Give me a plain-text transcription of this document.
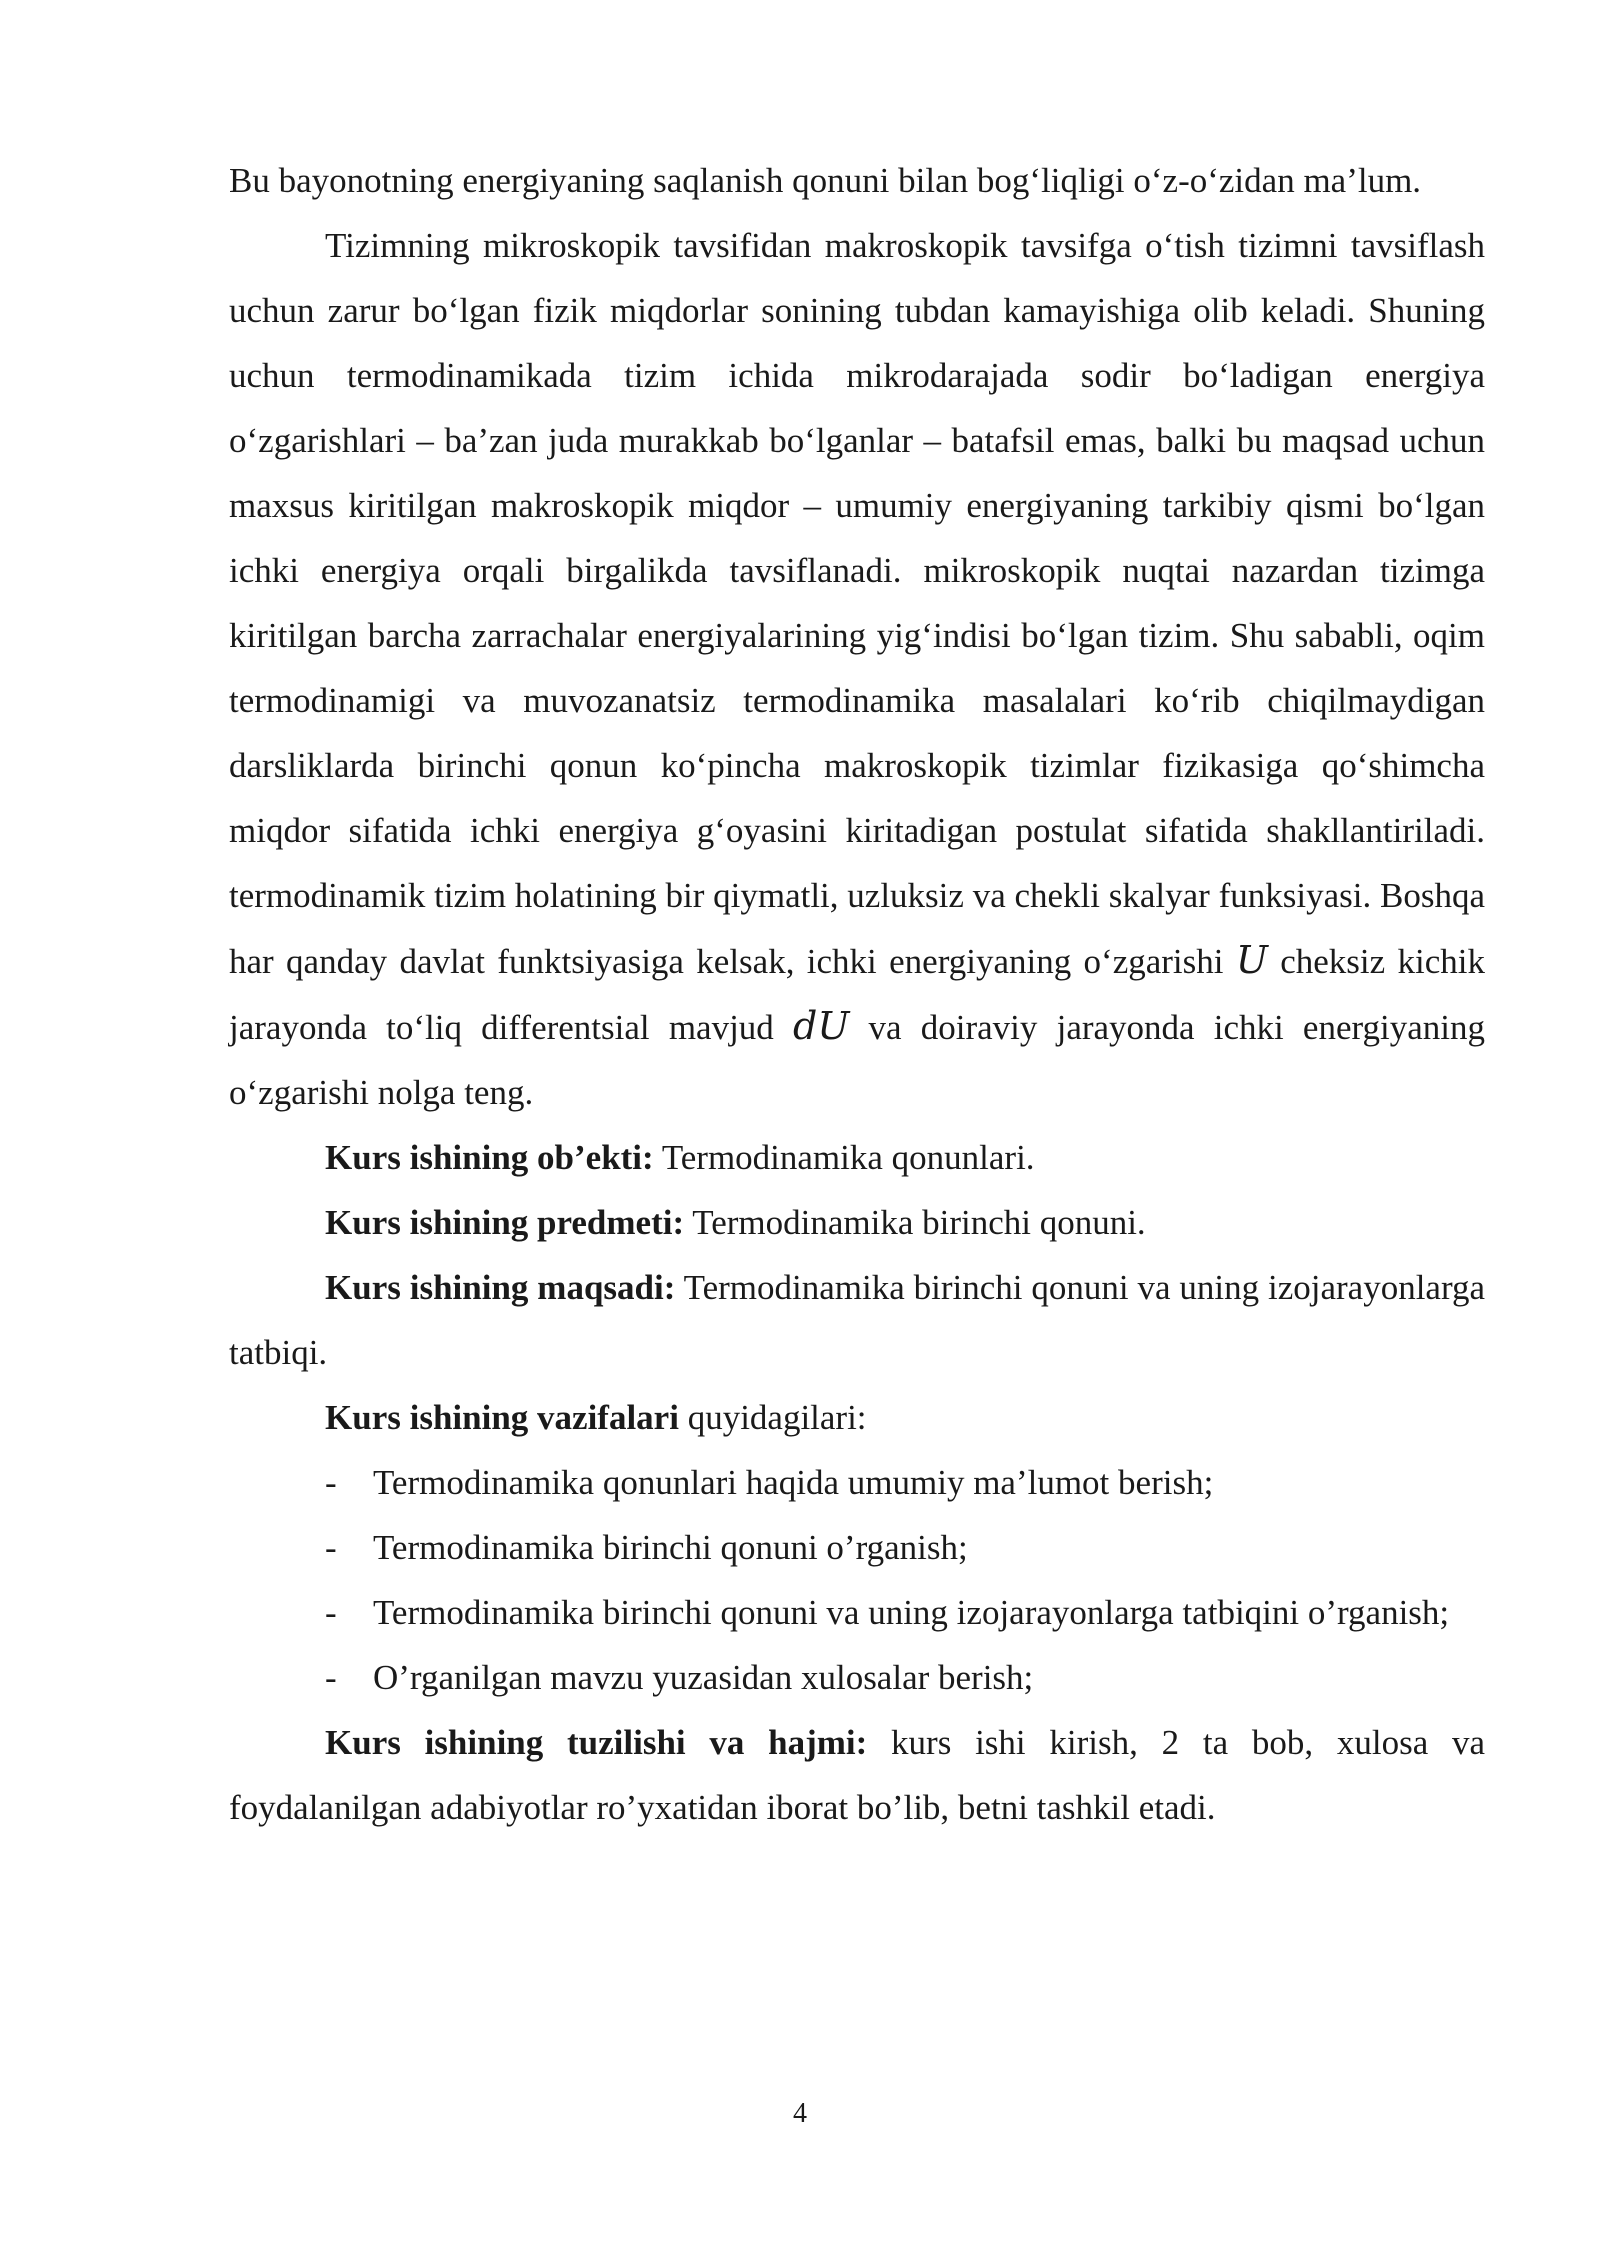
Bu bayonotning energiyaning saqlanish qonuni bilan bog‘liqligi o‘z-o‘zidan ma’lum.

Tizimning mikroskopik tavsifidan makroskopik tavsifga o‘tish tizimni tavsiflash uchun zarur bo‘lgan fizik miqdorlar sonining tubdan kamayishiga olib keladi. Shuning uchun termodinamikada tizim ichida mikrodarajada sodir bo‘ladigan energiya o‘zgarishlari – ba’zan juda murakkab bo‘lganlar – batafsil emas, balki bu maqsad uchun maxsus kiritilgan makroskopik miqdor – umumiy energiyaning tarkibiy qismi bo‘lgan ichki energiya orqali birgalikda tavsiflanadi. mikroskopik nuqtai nazardan tizimga kiritilgan barcha zarrachalar energiyalarining yig‘indisi bo‘lgan tizim. Shu sababli, oqim termodinamigi va muvozanatsiz termodinamika masalalari ko‘rib chiqilmaydigan darsliklarda birinchi qonun ko‘pincha makroskopik tizimlar fizikasiga qo‘shimcha miqdor sifatida ichki energiya g‘oyasini kiritadigan postulat sifatida shakllantiriladi. termodinamik tizim holatining bir qiymatli, uzluksiz va chekli skalyar funksiyasi. Boshqa har qanday davlat funktsiyasiga kelsak, ichki energiyaning o‘zgarishi U cheksiz kichik jarayonda to‘liq differentsial mavjud dU va doiraviy jarayonda ichki energiyaning o‘zgarishi nolga teng.

Kurs ishining ob’ekti: Termodinamika qonunlari.

Kurs ishining predmeti: Termodinamika birinchi qonuni.

Kurs ishining maqsadi: Termodinamika birinchi qonuni va uning izojarayonlarga tatbiqi.

Kurs ishining vazifalari quyidagilari:

- Termodinamika qonunlari haqida umumiy ma’lumot berish;
- Termodinamika birinchi qonuni o’rganish;
- Termodinamika birinchi qonuni va uning izojarayonlarga tatbiqini o’rganish;
- O’rganilgan mavzu yuzasidan xulosalar berish;

Kurs ishining tuzilishi va hajmi: kurs ishi kirish, 2 ta bob, xulosa va foydalanilgan adabiyotlar ro’yxatidan iborat bo’lib, betni tashkil etadi.

4
